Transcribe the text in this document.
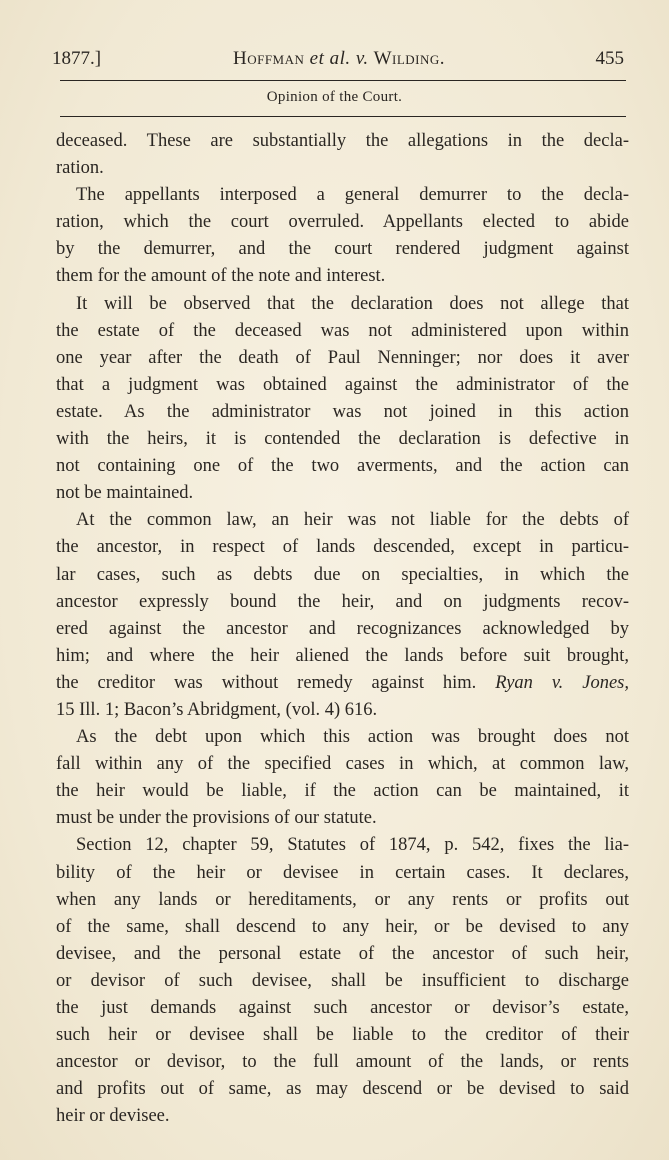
1877.]	Hoffman et al. v. Wilding.	455
Opinion of the Court.
deceased. These are substantially the allegations in the decla-
ration.
The appellants interposed a general demurrer to the decla-
ration, which the court overruled. Appellants elected to abide
by the demurrer, and the court rendered judgment against
them for the amount of the note and interest.
It will be observed that the declaration does not allege that
the estate of the deceased was not administered upon within
one year after the death of Paul Nenninger; nor does it aver
that a judgment was obtained against the administrator of the
estate. As the administrator was not joined in this action
with the heirs, it is contended the declaration is defective in
not containing one of the two averments, and the action can
not be maintained.
At the common law, an heir was not liable for the debts of
the ancestor, in respect of lands descended, except in particu-
lar cases, such as debts due on specialties, in which the
ancestor expressly bound the heir, and on judgments recov-
ered against the ancestor and recognizances acknowledged by
him; and where the heir aliened the lands before suit brought,
the creditor was without remedy against him. Ryan v. Jones,
15 Ill. 1; Bacon’s Abridgment, (vol. 4) 616.
As the debt upon which this action was brought does not
fall within any of the specified cases in which, at common law,
the heir would be liable, if the action can be maintained, it
must be under the provisions of our statute.
Section 12, chapter 59, Statutes of 1874, p. 542, fixes the lia-
bility of the heir or devisee in certain cases. It declares,
when any lands or hereditaments, or any rents or profits out
of the same, shall descend to any heir, or be devised to any
devisee, and the personal estate of the ancestor of such heir,
or devisor of such devisee, shall be insufficient to discharge
the just demands against such ancestor or devisor’s estate,
such heir or devisee shall be liable to the creditor of their
ancestor or devisor, to the full amount of the lands, or rents
and profits out of same, as may descend or be devised to said
heir or devisee.
